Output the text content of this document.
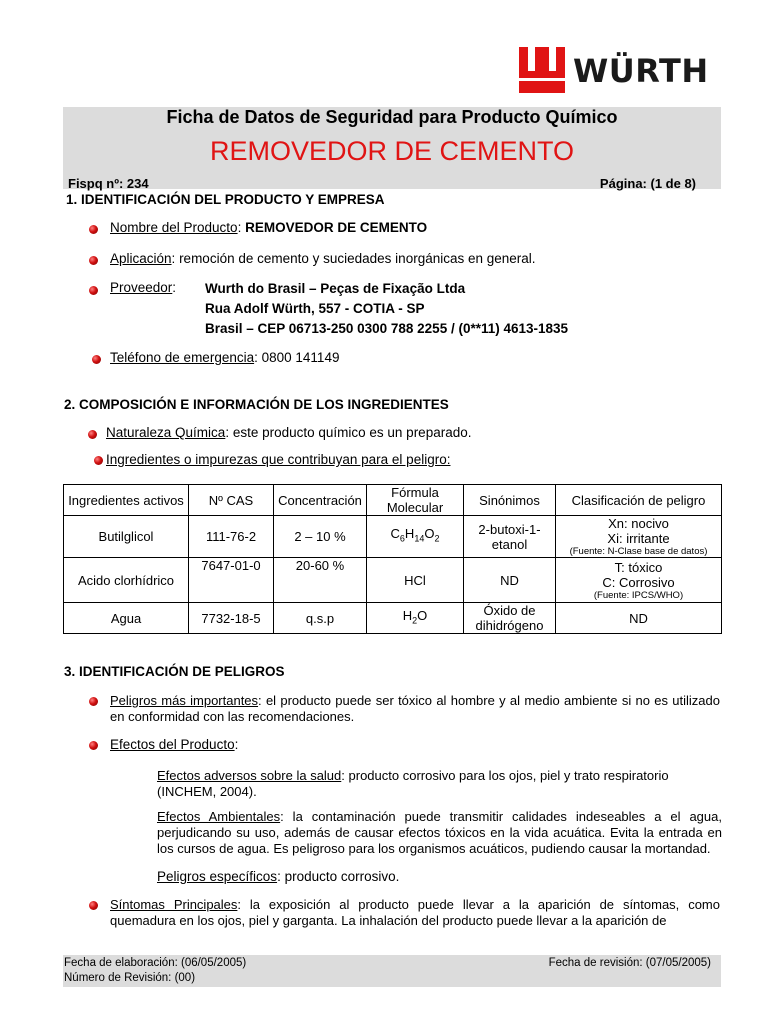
WÜRTH
Ficha de Datos de Seguridad para Producto Químico
REMOVEDOR DE CEMENTO
Fispq nº: 234	Página: (1 de 8)
1. IDENTIFICACIÓN DEL PRODUCTO Y EMPRESA
Nombre del Producto: REMOVEDOR DE CEMENTO
Aplicación: remoción de cemento y suciedades inorgánicas en general.
Proveedor: Wurth do Brasil – Peças de Fixação Ltda
Rua Adolf Würth, 557 - COTIA - SP
Brasil – CEP 06713-250 0300 788 2255 / (0**11) 4613-1835
Teléfono de emergencia: 0800 141149
2. COMPOSICIÓN E INFORMACIÓN DE LOS INGREDIENTES
Naturaleza Química: este producto químico es un preparado.
Ingredientes o impurezas que contribuyan para el peligro:
Ingredientes activos	Nº CAS	Concentración	Fórmula Molecular	Sinónimos	Clasificación de peligro
Butilglicol	111-76-2	2 – 10 %	$C_6H_{14}O_2$	2-butoxi-1-etanol	Xn: nocivo
Xi: irritante
(Fuente: N-Clase base de datos)

Acido clorhídrico	7647-01-0	20-60 %	HCl	ND	T: tóxico
C: Corrosivo
(Fuente: IPCS/WHO)

Agua	7732-18-5	q.s.p	$H_2O$	Óxido de dihidrógeno	ND
3. IDENTIFICACIÓN DE PELIGROS
Peligros más importantes: el producto puede ser tóxico al hombre y al medio ambiente si no es utilizado en conformidad con las recomendaciones.
Efectos del Producto:
Efectos adversos sobre la salud: producto corrosivo para los ojos, piel y trato respiratorio (INCHEM, 2004).
Efectos Ambientales: la contaminación puede transmitir calidades indeseables a el agua, perjudicando su uso, además de causar efectos tóxicos en la vida acuática. Evita la entrada en los cursos de agua. Es peligroso para los organismos acuáticos, pudiendo causar la mortandad.
Peligros específicos: producto corrosivo.
Síntomas Principales: la exposición al producto puede llevar a la aparición de síntomas, como quemadura en los ojos, piel y garganta. La inhalación del producto puede llevar a la aparición de
Fecha de elaboración: (06/05/2005)	Fecha de revisión: (07/05/2005)
Número de Revisión: (00)
